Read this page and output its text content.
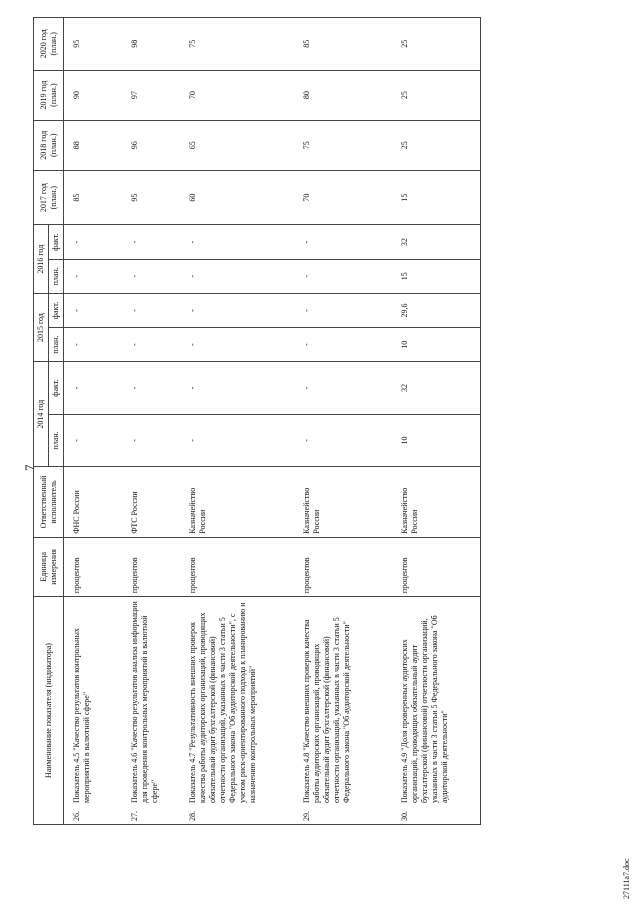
7
Наименование показателя (индикатора)	Единица измерения	Ответственный исполнитель	2014 год		2015 год		2016 год		2017 год (план.)	2018 год (план.)	2019 год (план.)	2020 год (план.)
			план.	факт.	план.	факт.	план.	факт.				
26.
Показатель 4.5 "Качество результатов контрольных мероприятий в валютной сфере"	процентов	ФНС России	-	-	-	-	-	-	85	88	90	95
27.
Показатель 4.6 "Качество результатов анализа информации для проведения контрольных мероприятий в валютной сфере"	процентов	ФТС России	-	-	-	-	-	-	95	96	97	98
28.
Показатель 4.7 "Результативность внешних проверок качества работы аудиторских организаций, проводящих обязательный аудит бухгалтерской (финансовой) отчетности организаций, указанных в части 3 статьи 5 Федерального закона "Об аудиторской деятельности", с учетом риск-ориентированного подхода к планированию и назначению контрольных мероприятий"	процентов	Казначейство России	-	-	-	-	-	-	60	65	70	75
29.
Показатель 4.8 "Качество внешних проверок качества работы аудиторских организаций, проводящих обязательный аудит бухгалтерской (финансовой) отчетности организаций, указанных в части 3 статьи 5 Федерального закона "Об аудиторской деятельности"	процентов	Казначейство России	-	-	-	-	-	-	70	75	80	85
30.
Показатель 4.9 "Доля проверенных аудиторских организаций, проводящих обязательный аудит бухгалтерской (финансовой) отчетности организаций, указанных в части 3 статьи 5 Федерального закона "Об аудиторской деятельности"	процентов	Казначейство России	10	32	10	29,6	15	32	15	25	25	25
27111a7.doc
